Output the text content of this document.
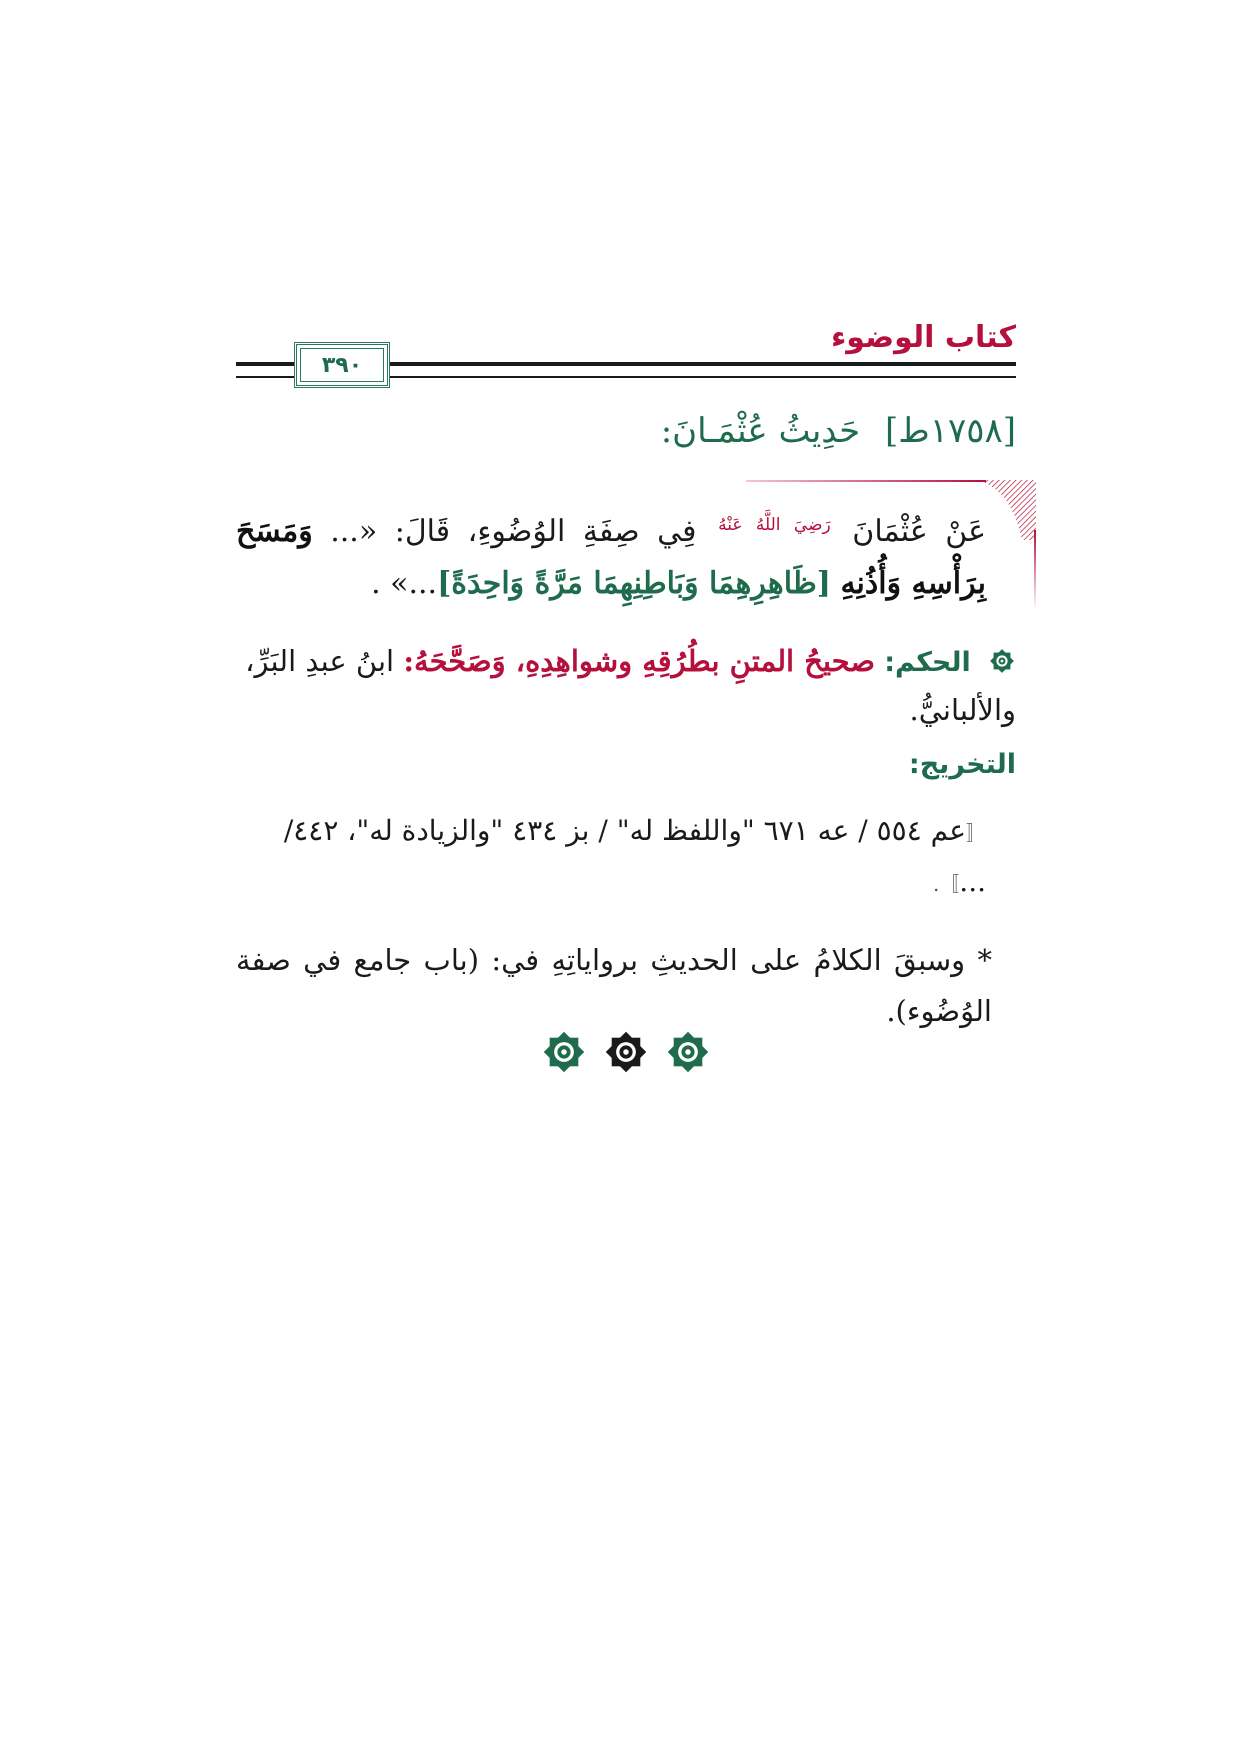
كتاب الوضوء
٣٩٠
[١٧٥٨ط] حَدِيثُ عُثْمَـانَ:
عَنْ عُثْمَانَ $^{رَضِيَ اللَّهُ عَنْهُ}$ فِي صِفَةِ الوُضُوءِ، قَالَ: «... وَمَسَحَ بِرَأْسِهِ وَأُذُنِهِ [ظَاهِرِهِمَا وَبَاطِنِهِمَا مَرَّةً وَاحِدَةً]...» .
الحكم: صحيحُ المتنِ بطُرُقِهِ وشواهِدِهِ، وَصَحَّحَهُ: ابنُ عبدِ البَرِّ، والألبانيُّ.
التخريج:
〚عم ٥٥٤ / عه ٦٧١ "واللفظ له" / بز ٤٣٤ "والزيادة له"، ٤٤٢/ ...〛.
* وسبقَ الكلامُ على الحديثِ برواياتِهِ في: (باب جامع في صفة الوُضُوء).
